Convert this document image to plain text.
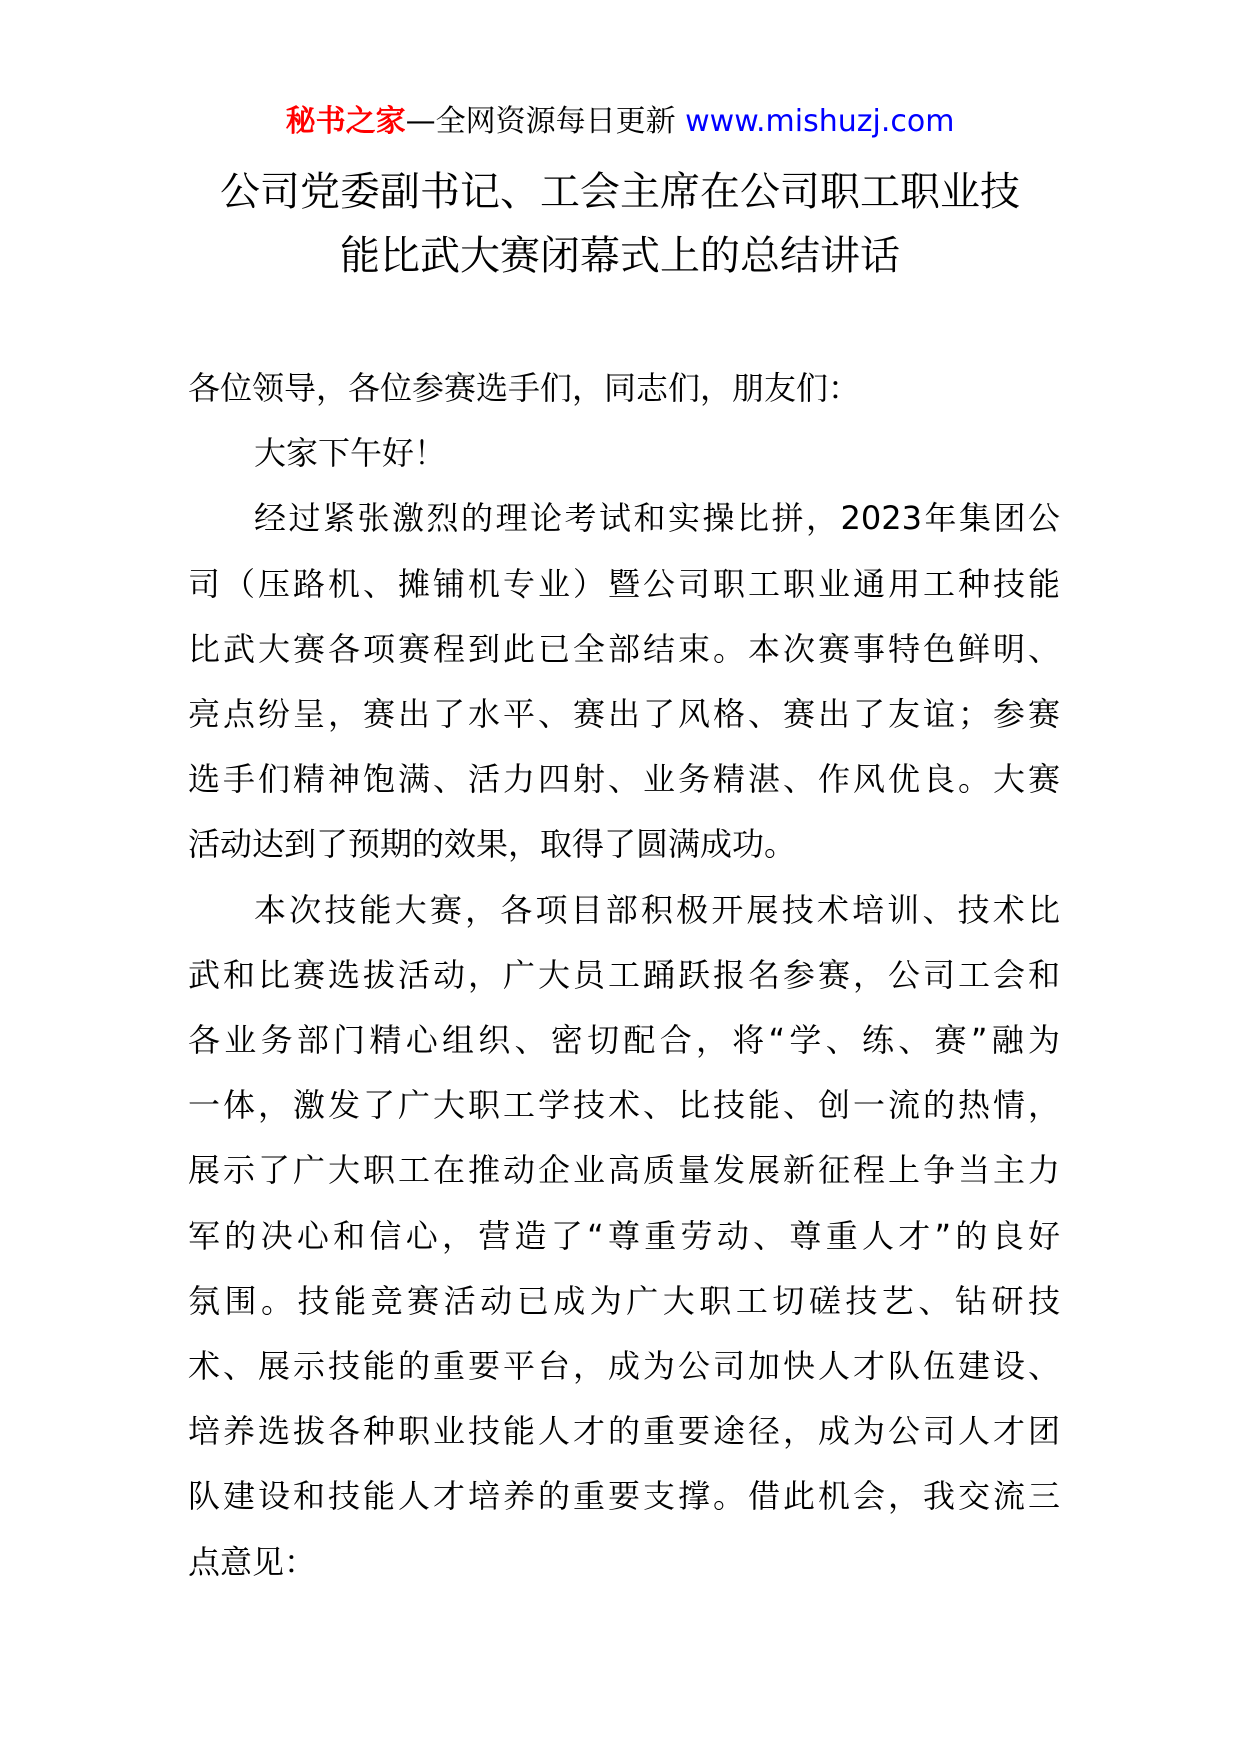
秘书之家—全网资源每日更新 www.mishuzj.com
公司党委副书记、工会主席在公司职工职业技
能比武大赛闭幕式上的总结讲话

各位领导，各位参赛选手们，同志们，朋友们：

大家下午好！

经过紧张激烈的理论考试和实操比拼，2023年集团公
司（压路机、摊铺机专业）暨公司职工职业通用工种技能
比武大赛各项赛程到此已全部结束。本次赛事特色鲜明、
亮点纷呈，赛出了水平、赛出了风格、赛出了友谊；参赛
选手们精神饱满、活力四射、业务精湛、作风优良。大赛
活动达到了预期的效果，取得了圆满成功。

本次技能大赛，各项目部积极开展技术培训、技术比
武和比赛选拔活动，广大员工踊跃报名参赛，公司工会和
各业务部门精心组织、密切配合，将“学、练、赛”融为
一体，激发了广大职工学技术、比技能、创一流的热情，
展示了广大职工在推动企业高质量发展新征程上争当主力
军的决心和信心，营造了“尊重劳动、尊重人才”的良好
氛围。技能竞赛活动已成为广大职工切磋技艺、钻研技
术、展示技能的重要平台，成为公司加快人才队伍建设、
培养选拔各种职业技能人才的重要途径，成为公司人才团
队建设和技能人才培养的重要支撑。借此机会，我交流三
点意见：
